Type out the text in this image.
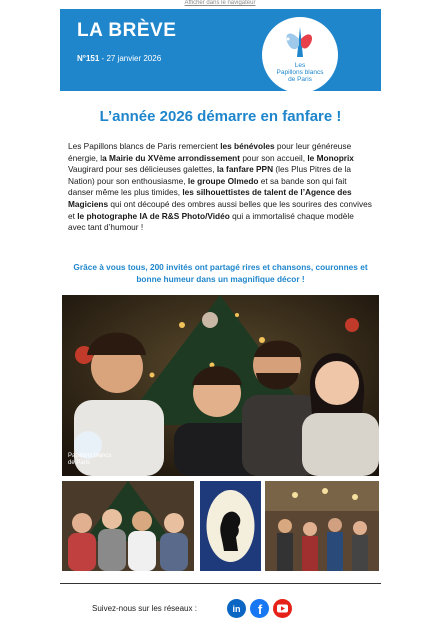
Afficher dans le navigateur
LA BRÈVE
N°151 - 27 janvier 2026
Les
Papillons blancs
de Paris
L’année 2026 démarre en fanfare !
Les Papillons blancs de Paris remercient les bénévoles pour leur généreuse énergie, la Mairie du XVème arrondissement pour son accueil, le Monoprix Vaugirard pour ses délicieuses galettes, la fanfare PPN (les Plus Pitres de la Nation) pour son enthousiasme, le groupe Olmedo et sa bande son qui fait danser même les plus timides, les silhouettistes de talent de l’Agence des Magiciens qui ont découpé des ombres aussi belles que les sourires des convives et le photographe IA de R&S Photo/Vidéo qui a immortalisé chaque modèle avec tant d’humour !
Grâce à vous tous, 200 invités ont partagé rires et chansons, couronnes et bonne humeur dans un magnifique décor !
Papillons blancs
de Paris
Suivez-nous sur les réseaux :	in f
